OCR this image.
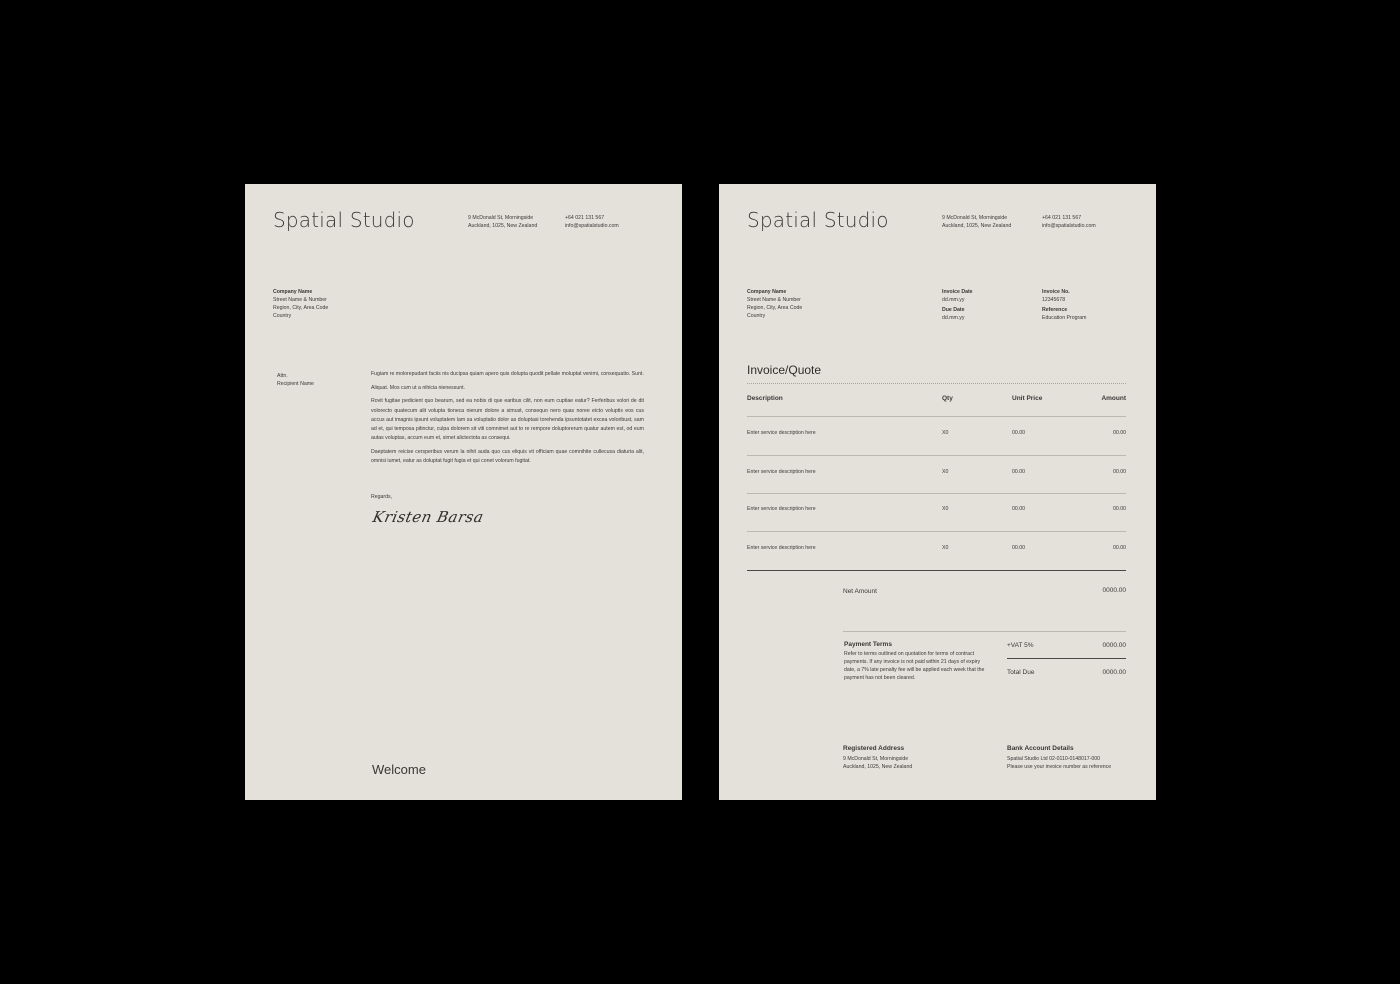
Spatial Studio	9 McDonald St, Morningside
Auckland, 1025, New Zealand
+64 021 131 567
info@spatialstudio.com
Company Name
Street Name & Number
Region, City, Area Code
Country
Attn.
Recipient Name

Fugiam re molorepudant faciis nis ducipsa quiam apero quis dolupta quodit pellate moluptat venimi, consequatio. Sunt.

Aliquat. Mos cum ut a nihicia nienessunt.

Rovit fugitae pedicient quo bearum, sed ea nobis di que earibus cilit, non eum cuptiae eatur? Ferferibus volori de dit volorecto quatecum alit volupta tioneca nierum dolore a simust, consequo nero quas noree eicto voluptis eos cus accus aut imagnis ipsunt voluptatem lam sa voluptatio dolor as doluptasi torehenda ipsuntotatet excea voloribust, sam ad et, qui temposa pitinctur, culpa dolorem sit viti comnimet aut to re rempore doluptorerum quatur autem est, od eum autas voluptas, accum eum et, simet alictectota as consequi.

Daeptatem reicise cersperibus verum la nihit auda quo cus eliquis vit officiam quae comnihite cullecusa diaturia alit, omnisi iumet, eatur as doluptat fugit fugia et qui conet volorum fugitat.

Regards,
Kristen Barsa
Welcome
Spatial Studio	9 McDonald St, Morningside
Auckland, 1025, New Zealand
+64 021 131 567
info@spatialstudio.com
Company Name
Street Name & Number
Region, City, Area Code
Country
Invoice Date
dd.mm.yy
Due Date
dd.mm.yy
Invoice No.
12345678
Reference
Education Program
Invoice/Quote
Description	Qty	Unit Price	Amount
Enter service description here	X0	00.00	00.00
Enter service description here	X0	00.00	00.00
Enter service description here	X0	00.00	00.00
Enter service description here	X0	00.00	00.00
Net Amount	0000.00
Payment Terms
Refer to terms outlined on quotation for terms of contract payments. If any invoice is not paid within 21 days of expiry date, a 7% late penalty fee will be applied each week that the payment has not been cleared.
+VAT 5%	0000.00
Total Due	0000.00
Registered Address
9 McDonald St, Morningside
Auckland, 1025, New Zealand
Bank Account Details
Spatial Studio Ltd 02-0110-0148017-000
Please use your invoice number as reference
